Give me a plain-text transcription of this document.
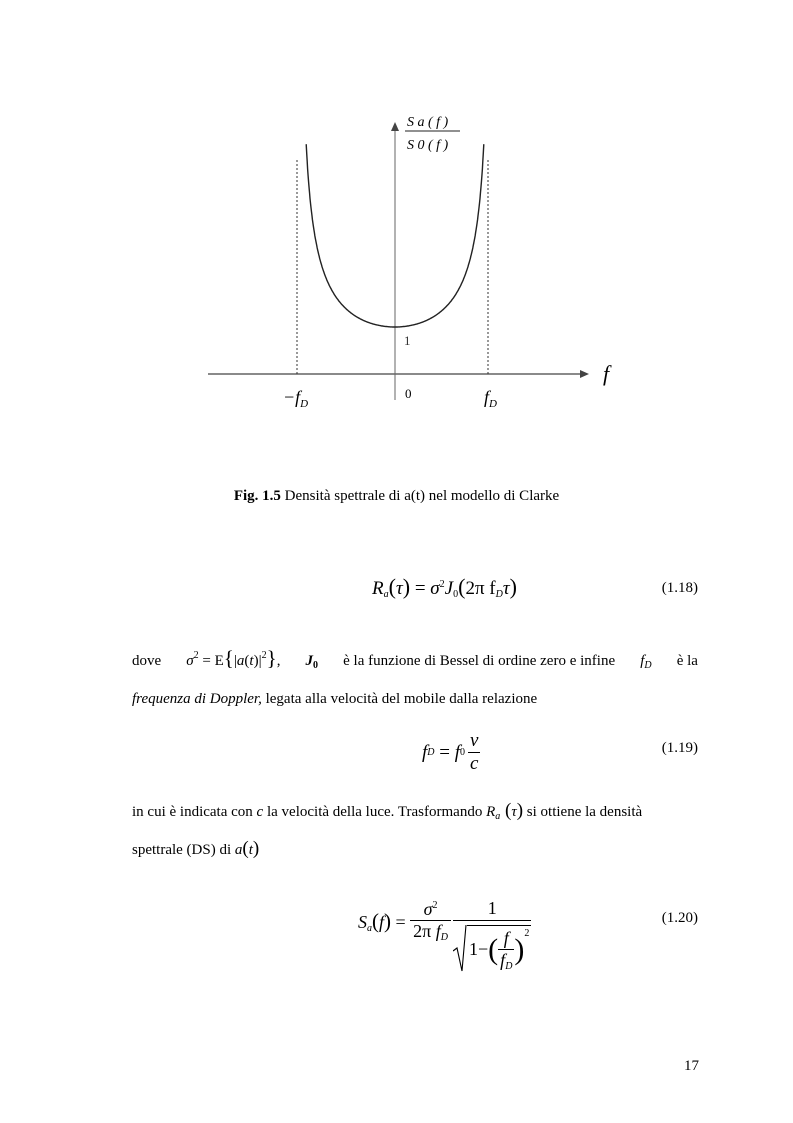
S a ( f )
S 0 ( f )
1
f
$-f_D$
0	$f_D$
Fig. 1.5 Densità spettrale di a(t) nel modello di Clarke
$R_a(\tau) = \sigma^2J0(2\pi$ $f_D\tau$)	(1.18)
dove $\sigma^2 = E\{|a(t)|^2\}$, $J_0$ è la funzione di Bessel di ordine zero e infine $f_D$ è la
frequenza di Doppler, legata alla velocità del mobile dalla relazione
f D = f $0 \frac{v}{c}$	(1.19)
in cui è indicata con c la velocità della luce. Trasformando $R_a$ (τ) si ottiene la densità
spettrale (DS) di a(t)
$S_a(f)$ =
$\sigma^2$
2π $f_D$
1
1− ( $\frac{f}{f_D}$ ) 2
(1.20)
17
